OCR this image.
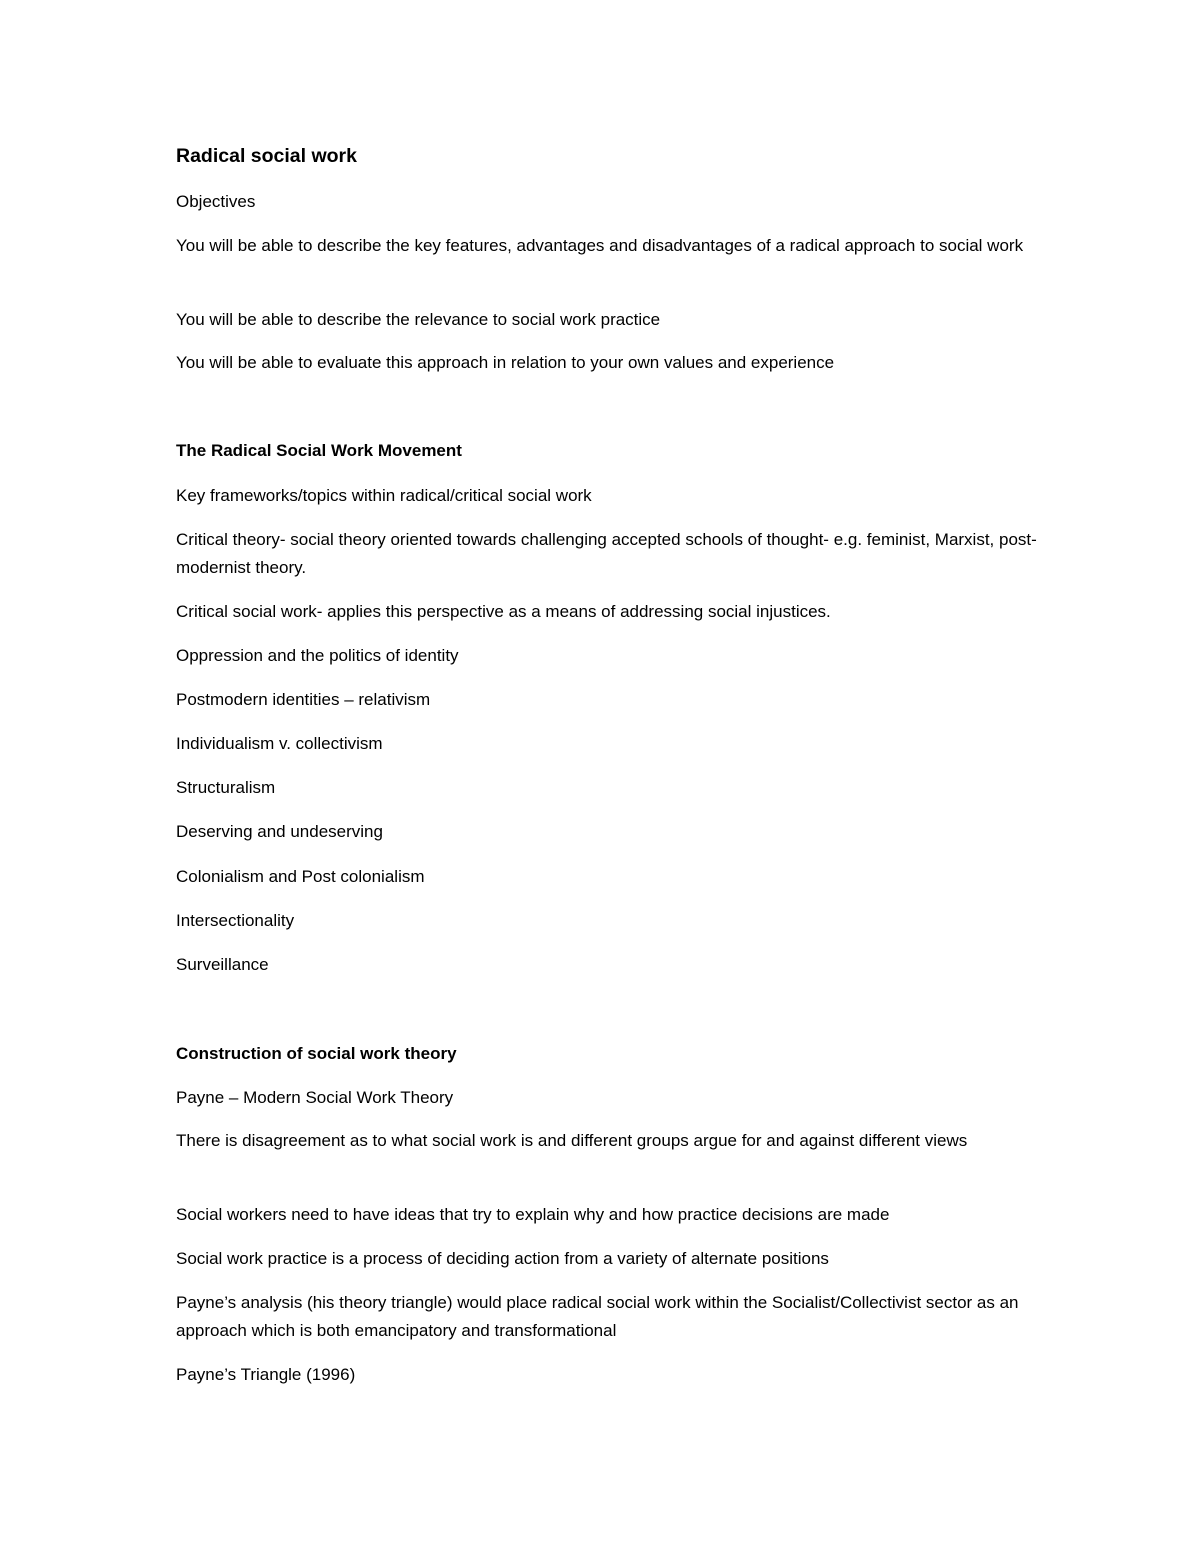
Radical social work

Objectives

You will be able to describe the key features, advantages and disadvantages of a radical approach to social work

You will be able to describe the relevance to social work practice

You will be able to evaluate this approach in relation to your own values and experience

The Radical Social Work Movement

Key frameworks/topics within radical/critical social work

Critical theory- social theory oriented towards challenging accepted schools of thought- e.g. feminist, Marxist, post-modernist theory.

Critical social work- applies this perspective as a means of addressing social injustices.

Oppression and the politics of identity

Postmodern identities – relativism

Individualism v. collectivism

Structuralism

Deserving and undeserving

Colonialism and Post colonialism

Intersectionality

Surveillance

Construction of social work theory

Payne – Modern Social Work Theory

There is disagreement as to what social work is and different groups argue for and against different views

Social workers need to have ideas that try to explain why and how practice decisions are made

Social work practice is a process of deciding action from a variety of alternate positions

Payne’s analysis (his theory triangle) would place radical social work within the Socialist/Collectivist sector as an approach which is both emancipatory and transformational

Payne’s Triangle (1996)
